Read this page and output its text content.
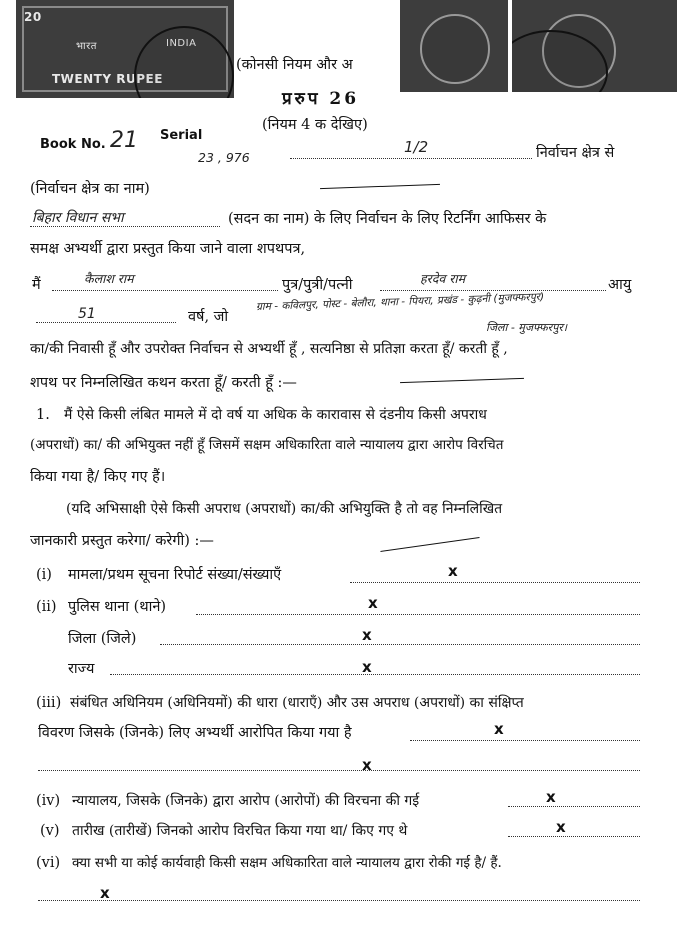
20
भारत	INDIA
TWENTY RUPEE
(कोनसी नियम और अ
प्ररुप 26
Book No. 21 Serial
(नियम 4 क देखिए)
23 , 976
1/2	निर्वाचन क्षेत्र से
(निर्वाचन क्षेत्र का नाम)
बिहार विधान सभा	(सदन का नाम) के लिए निर्वाचन के लिए रिटर्निंग आफिसर के
समक्ष अभ्यर्थी द्वारा प्रस्तुत किया जाने वाला शपथपत्र,
मैं	कैलाश राम	पुत्र/पुत्री/पत्नी	हरदेव राम	आयु
51	वर्ष, जो
ग्राम - कविलपुर, पोस्ट - बेलौरा, थाना - पियरा, प्रखंड - कुढ़नी (मुजफ्फरपुर)
जिला - मुजफ्फरपुर।
का/की निवासी हूँ और उपरोक्त निर्वाचन से अभ्यर्थी हूँ , सत्यनिष्ठा से प्रतिज्ञा करता हूँ/ करती हूँ ,
शपथ पर निम्नलिखित कथन करता हूँ/ करती हूँ :—
1. मैं ऐसे किसी लंबित मामले में दो वर्ष या अधिक के कारावास से दंडनीय किसी अपराध
(अपराधों) का/ की अभियुक्त नहीं हूँ जिसमें सक्षम अधिकारिता वाले न्यायालय द्वारा आरोप विरचित
किया गया है/ किए गए हैं।
(यदि अभिसाक्षी ऐसे किसी अपराध (अपराधों) का/की अभियुक्ति है तो वह निम्नलिखित
जानकारी प्रस्तुत करेगा/ करेगी) :—
(i) मामला/प्रथम सूचना रिपोर्ट संख्या/संख्याएँ	x
(ii) पुलिस थाना (थाने)	x
जिला (जिले)	x
राज्य	x
(iii) संबंधित अधिनियम (अधिनियमों) की धारा (धाराएँ) और उस अपराध (अपराधों) का संक्षिप्त
विवरण जिसके (जिनके) लिए अभ्यर्थी आरोपित किया गया है	x
x
(iv) न्यायालय, जिसके (जिनके) द्वारा आरोप (आरोपों) की विरचना की गई	x
(v) तारीख (तारीखें) जिनको आरोप विरचित किया गया था/ किए गए थे	x
(vi) क्या सभी या कोई कार्यवाही किसी सक्षम अधिकारिता वाले न्यायालय द्वारा रोकी गई है/ हैं.
x
